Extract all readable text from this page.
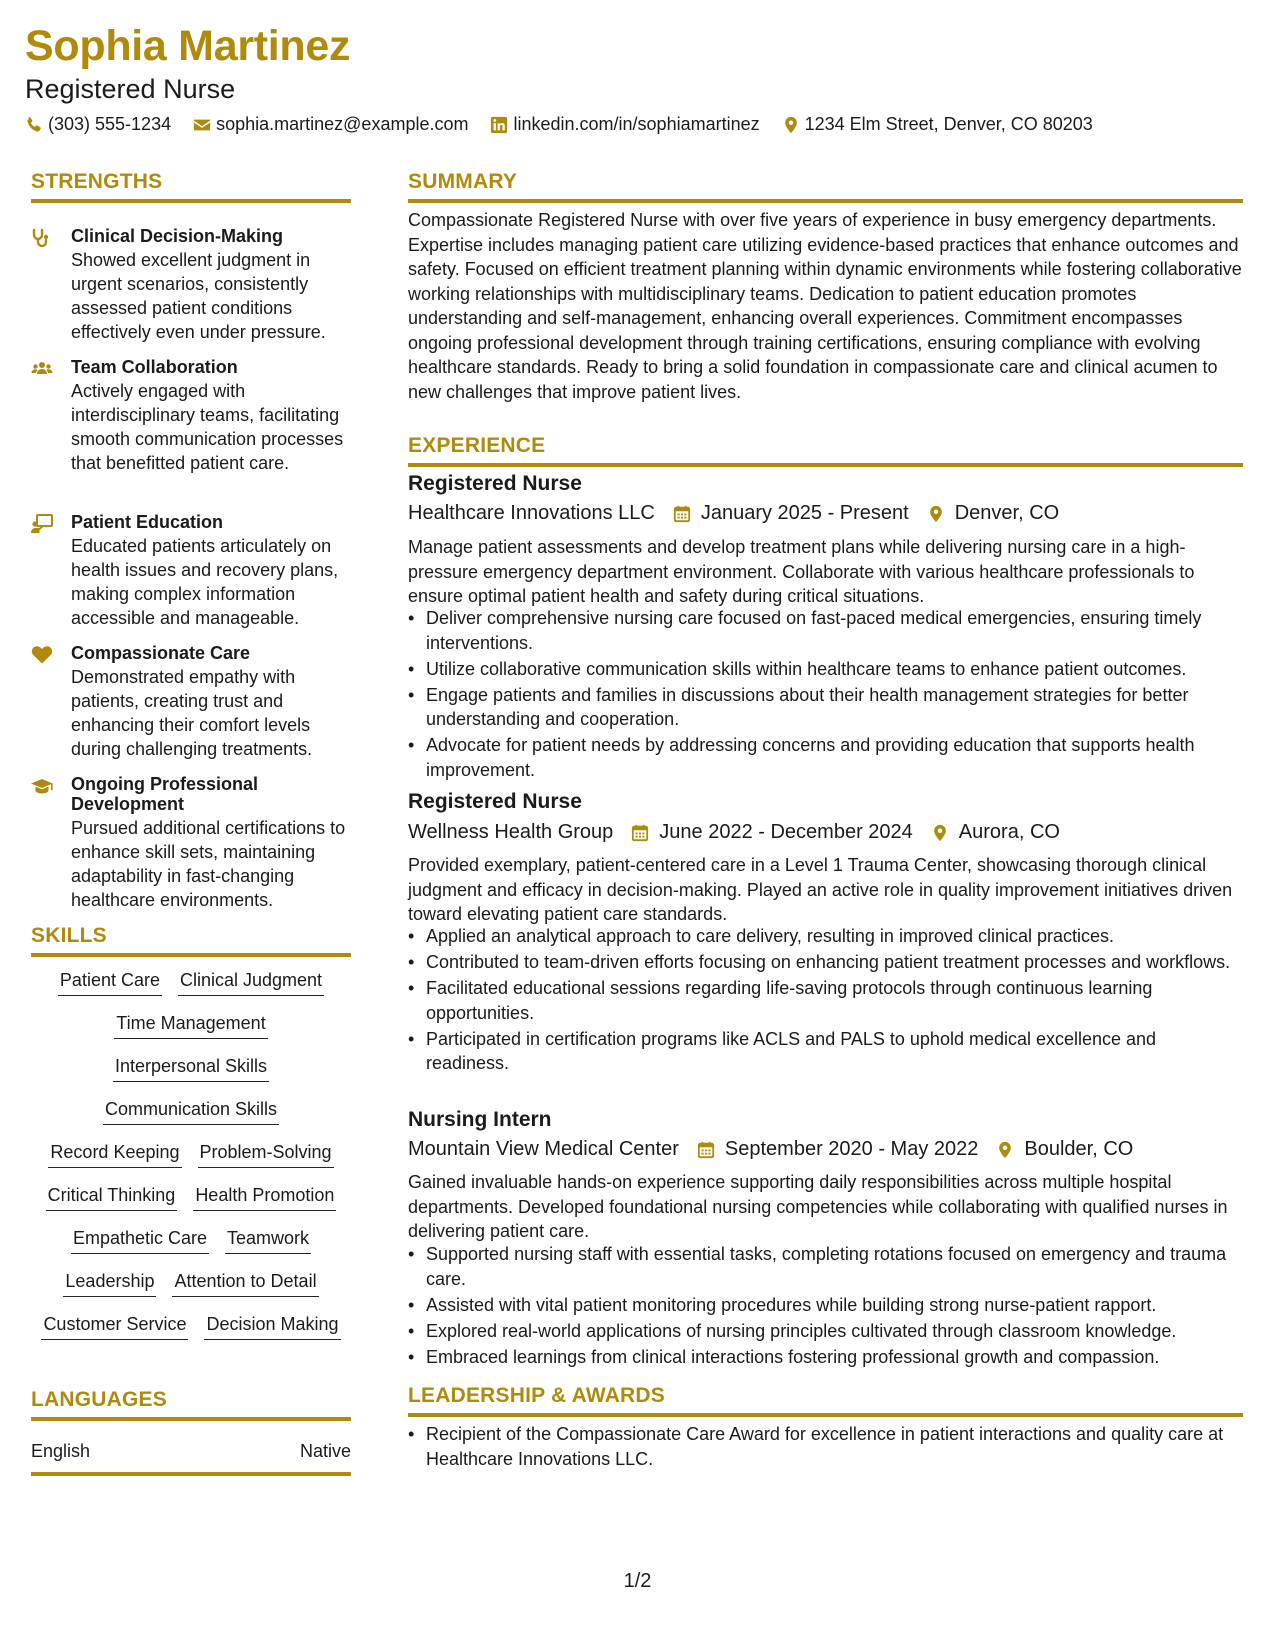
Sophia Martinez
Registered Nurse
(303) 555-1234	sophia.martinez@example.com	linkedin.com/in/sophiamartinez	1234 Elm Street, Denver, CO 80203
STRENGTHS
Clinical Decision-Making
Showed excellent judgment in urgent scenarios, consistently assessed patient conditions effectively even under pressure.
Team Collaboration
Actively engaged with interdisciplinary teams, facilitating smooth communication processes that benefitted patient care.
Patient Education
Educated patients articulately on health issues and recovery plans, making complex information accessible and manageable.
Compassionate Care
Demonstrated empathy with patients, creating trust and enhancing their comfort levels during challenging treatments.
Ongoing Professional Development
Pursued additional certifications to enhance skill sets, maintaining adaptability in fast-changing healthcare environments.
SKILLS
Patient Care Clinical Judgment
Time Management
Interpersonal Skills
Communication Skills
Record Keeping Problem-Solving
Critical Thinking Health Promotion
Empathetic Care Teamwork
Leadership Attention to Detail
Customer Service Decision Making
LANGUAGES
English	Native
SUMMARY
Compassionate Registered Nurse with over five years of experience in busy emergency departments. Expertise includes managing patient care utilizing evidence-based practices that enhance outcomes and safety. Focused on efficient treatment planning within dynamic environments while fostering collaborative working relationships with multidisciplinary teams. Dedication to patient education promotes understanding and self-management, enhancing overall experiences. Commitment encompasses ongoing professional development through training certifications, ensuring compliance with evolving healthcare standards. Ready to bring a solid foundation in compassionate care and clinical acumen to new challenges that improve patient lives.
EXPERIENCE
Registered Nurse
Healthcare Innovations LLC January 2025 - Present Denver, CO
Manage patient assessments and develop treatment plans while delivering nursing care in a high-pressure emergency department environment. Collaborate with various healthcare professionals to ensure optimal patient health and safety during critical situations.
• Deliver comprehensive nursing care focused on fast-paced medical emergencies, ensuring timely interventions.
• Utilize collaborative communication skills within healthcare teams to enhance patient outcomes.
• Engage patients and families in discussions about their health management strategies for better understanding and cooperation.
• Advocate for patient needs by addressing concerns and providing education that supports health improvement.
Registered Nurse
Wellness Health Group June 2022 - December 2024 Aurora, CO
Provided exemplary, patient-centered care in a Level 1 Trauma Center, showcasing thorough clinical judgment and efficacy in decision-making. Played an active role in quality improvement initiatives driven toward elevating patient care standards.
• Applied an analytical approach to care delivery, resulting in improved clinical practices.
• Contributed to team-driven efforts focusing on enhancing patient treatment processes and workflows.
• Facilitated educational sessions regarding life-saving protocols through continuous learning opportunities.
• Participated in certification programs like ACLS and PALS to uphold medical excellence and readiness.
Nursing Intern
Mountain View Medical Center September 2020 - May 2022 Boulder, CO
Gained invaluable hands-on experience supporting daily responsibilities across multiple hospital departments. Developed foundational nursing competencies while collaborating with qualified nurses in delivering patient care.
• Supported nursing staff with essential tasks, completing rotations focused on emergency and trauma care.
• Assisted with vital patient monitoring procedures while building strong nurse-patient rapport.
• Explored real-world applications of nursing principles cultivated through classroom knowledge.
• Embraced learnings from clinical interactions fostering professional growth and compassion.
LEADERSHIP & AWARDS
• Recipient of the Compassionate Care Award for excellence in patient interactions and quality care at Healthcare Innovations LLC.
1/2
